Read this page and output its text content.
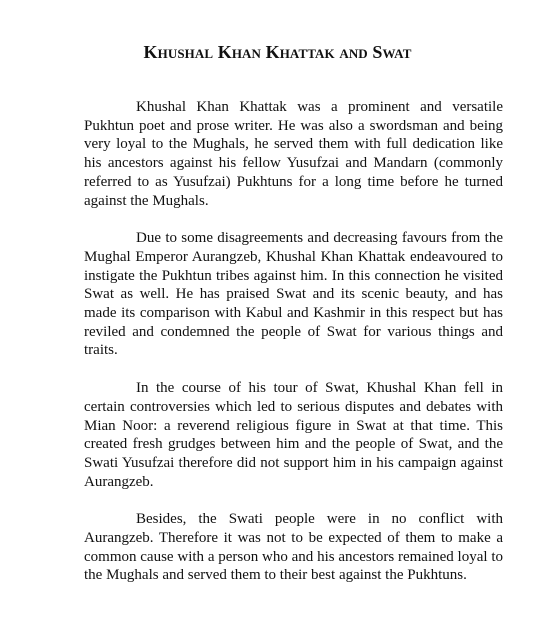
Khushal Khan Khattak and Swat

Khushal Khan Khattak was a prominent and versatile Pukhtun poet and prose writer. He was also a swordsman and being very loyal to the Mughals, he served them with full dedication like his ancestors against his fellow Yusufzai and Mandarn (commonly referred to as Yusufzai) Pukhtuns for a long time before he turned against the Mughals.

Due to some disagreements and decreasing favours from the Mughal Emperor Aurangzeb, Khushal Khan Khattak endeavoured to instigate the Pukhtun tribes against him. In this connection he visited Swat as well. He has praised Swat and its scenic beauty, and has made its comparison with Kabul and Kashmir in this respect but has reviled and condemned the people of Swat for various things and traits.

In the course of his tour of Swat, Khushal Khan fell in certain controversies which led to serious disputes and debates with Mian Noor: a reverend religious figure in Swat at that time. This created fresh grudges between him and the people of Swat, and the Swati Yusufzai therefore did not support him in his campaign against Aurangzeb.

Besides, the Swati people were in no conflict with Aurangzeb. Therefore it was not to be expected of them to make a common cause with a person who and his ancestors remained loyal to the Mughals and served them to their best against the Pukhtuns.
